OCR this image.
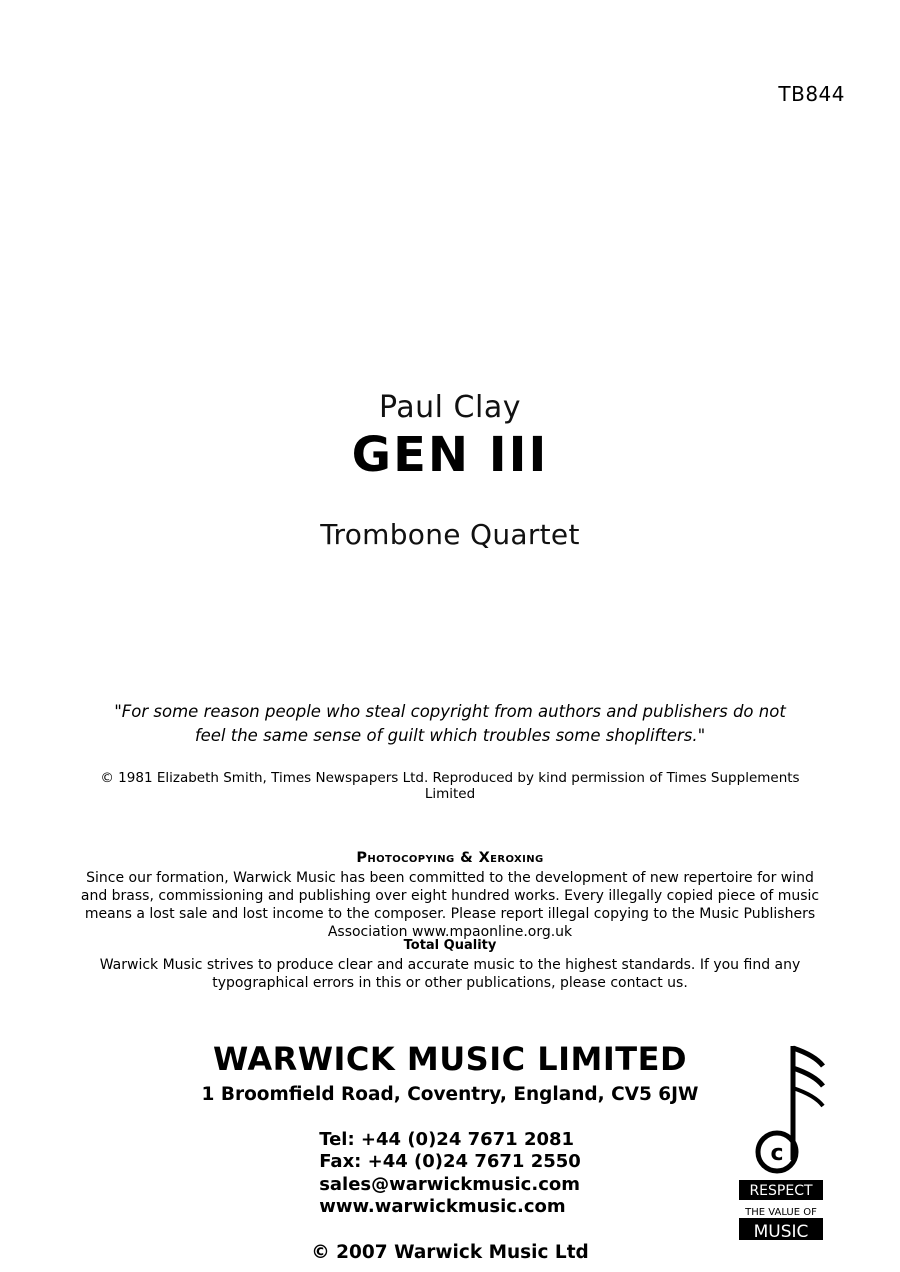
TB844
Paul Clay
GEN III
Trombone Quartet
"For some reason people who steal copyright from authors and publishers do not feel the same sense of guilt which troubles some shoplifters."
© 1981 Elizabeth Smith, Times Newspapers Ltd. Reproduced by kind permission of Times Supplements Limited
Photocopying & Xeroxing
Since our formation, Warwick Music has been committed to the development of new repertoire for wind and brass, commissioning and publishing over eight hundred works. Every illegally copied piece of music means a lost sale and lost income to the composer. Please report illegal copying to the Music Publishers Association www.mpaonline.org.uk
Total Quality
Warwick Music strives to produce clear and accurate music to the highest standards. If you find any typographical errors in this or other publications, please contact us.
WARWICK MUSIC LIMITED
1 Broomfield Road, Coventry, England, CV5 6JW
Tel: +44 (0)24 7671 2081
Fax: +44 (0)24 7671 2550
sales@warwickmusic.com
www.warwickmusic.com
© 2007 Warwick Music Ltd
c
RESPECT
THE VALUE OF
MUSIC
